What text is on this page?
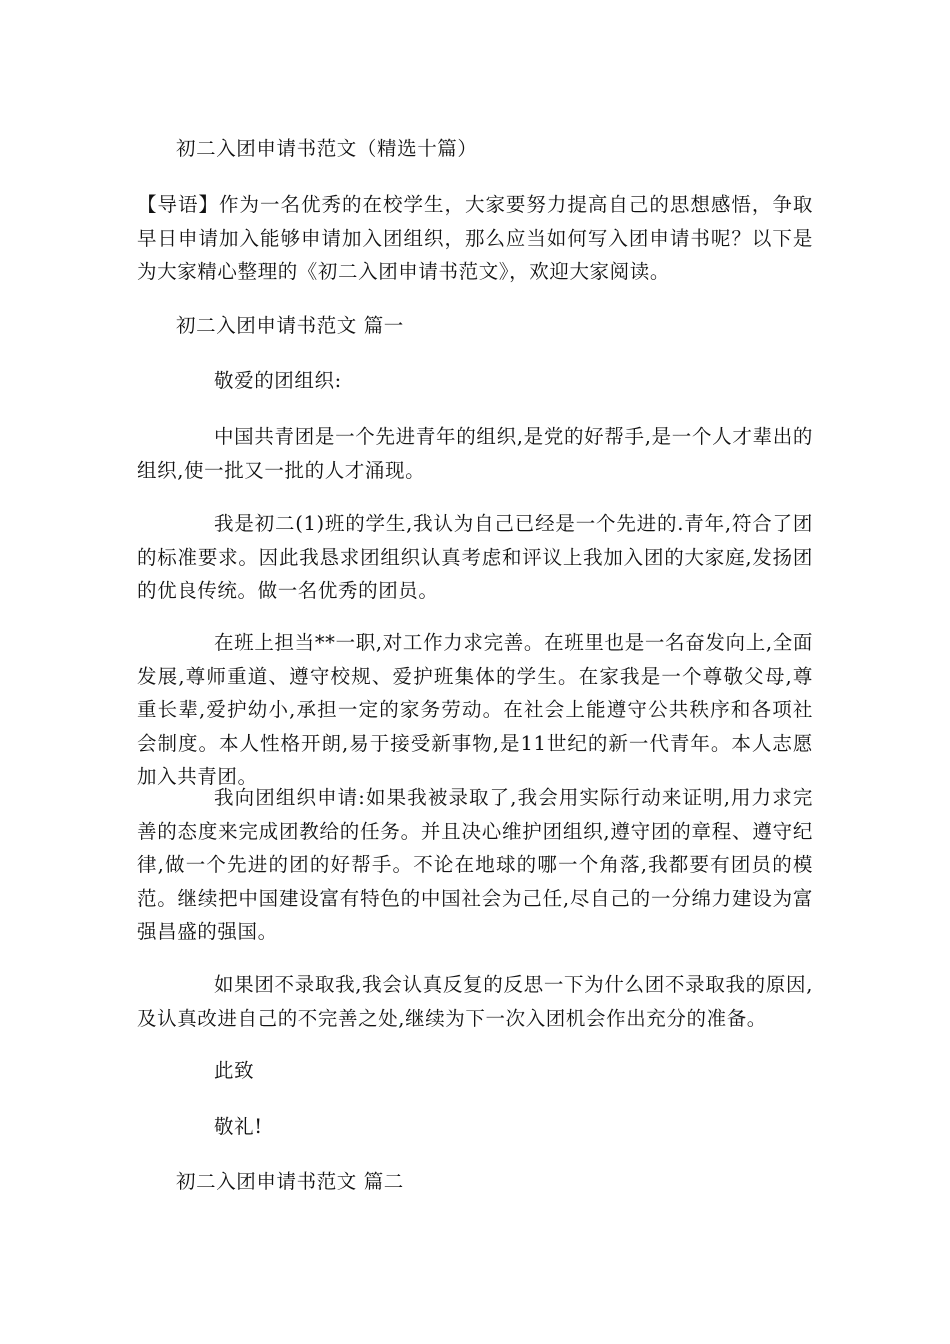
初二入团申请书范文（精选十篇）

【导语】作为一名优秀的在校学生，大家要努力提高自己的思想感悟，争取早日申请加入能够申请加入团组织，那么应当如何写入团申请书呢？以下是为大家精心整理的《初二入团申请书范文》，欢迎大家阅读。

初二入团申请书范文 篇一

敬爱的团组织:

中国共青团是一个先进青年的组织,是党的好帮手,是一个人才辈出的组织,使一批又一批的人才涌现。

我是初二(1)班的学生,我认为自己已经是一个先进的.青年,符合了团的标准要求。因此我恳求团组织认真考虑和评议上我加入团的大家庭,发扬团的优良传统。做一名优秀的团员。

在班上担当**一职,对工作力求完善。在班里也是一名奋发向上,全面发展,尊师重道、遵守校规、爱护班集体的学生。在家我是一个尊敬父母,尊重长辈,爱护幼小,承担一定的家务劳动。在社会上能遵守公共秩序和各项社会制度。本人性格开朗,易于接受新事物,是11世纪的新一代青年。本人志愿加入共青团。

我向团组织申请:如果我被录取了,我会用实际行动来证明,用力求完善的态度来完成团教给的任务。并且决心维护团组织,遵守团的章程、遵守纪律,做一个先进的团的好帮手。不论在地球的哪一个角落,我都要有团员的模范。继续把中国建设富有特色的中国社会为己任,尽自己的一分绵力建设为富强昌盛的强国。

如果团不录取我,我会认真反复的反思一下为什么团不录取我的原因,及认真改进自己的不完善之处,继续为下一次入团机会作出充分的准备。

此致

敬礼!

初二入团申请书范文 篇二
